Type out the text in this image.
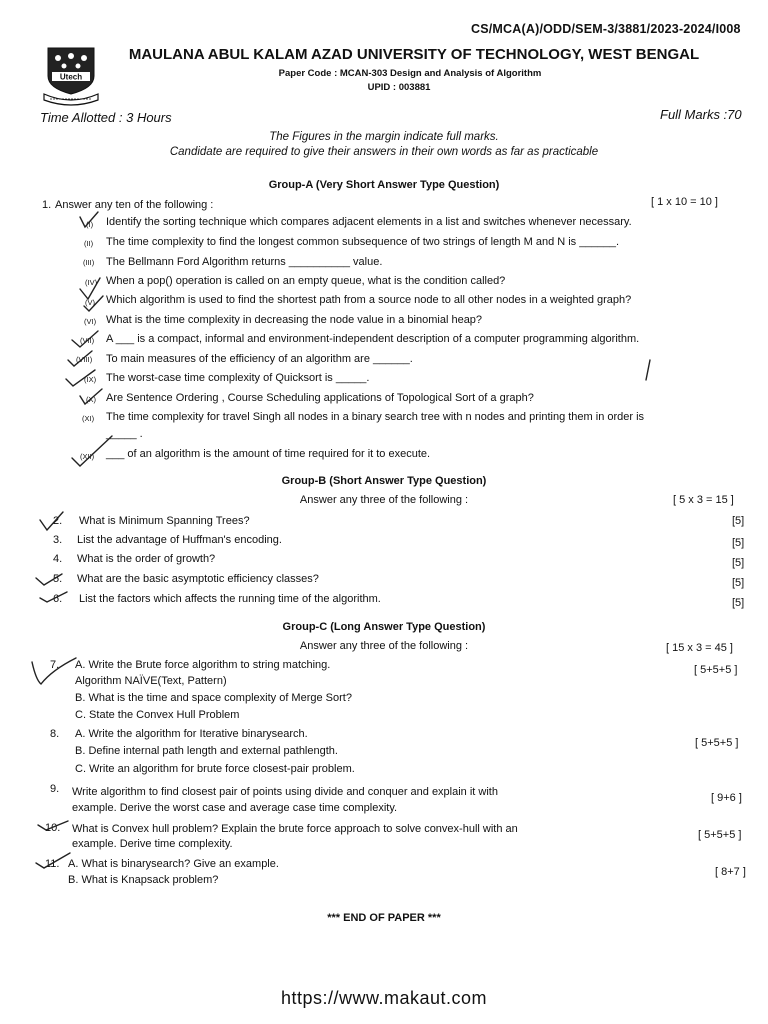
CS/MCA(A)/ODD/SEM-3/3881/2023-2024/I008
Utech
MAULANA ABUL KALAM AZAD UNIVERSITY OF TECHNOLOGY, WEST BENGAL
Paper Code : MCAN-303 Design and Analysis of Algorithm
UPID : 003881
Time Allotted : 3 Hours	Full Marks :70
The Figures in the margin indicate full marks.
Candidate are required to give their answers in their own words as far as practicable
Group-A (Very Short Answer Type Question)
1. Answer any ten of the following :	[ 1 x 10 = 10 ]
(I) Identify the sorting technique which compares adjacent elements in a list and switches whenever necessary.
(II) The time complexity to find the longest common subsequence of two strings of length M and N is ______.
(III) The Bellmann Ford Algorithm returns __________ value.
(IV) When a pop() operation is called on an empty queue, what is the condition called?
(V) Which algorithm is used to find the shortest path from a source node to all other nodes in a weighted graph?
(VI) What is the time complexity in decreasing the node value in a binomial heap?
(VII) A ___ is a compact, informal and environment-independent description of a computer programming algorithm.
(VIII) To main measures of the efficiency of an algorithm are ______.
(IX) The worst-case time complexity of Quicksort is _____.
(X) Are Sentence Ordering , Course Scheduling applications of Topological Sort of a graph?
(XI) The time complexity for travel Singh all nodes in a binary search tree with n nodes and printing them in order is
_____ .
(XII) ___ of an algorithm is the amount of time required for it to execute.
Group-B (Short Answer Type Question)
Answer any three of the following :	[ 5 x 3 = 15 ]
2. What is Minimum Spanning Trees?	[5]
3. List the advantage of Huffman's encoding.	[5]
4. What is the order of growth?	[5]
5. What are the basic asymptotic efficiency classes?	[5]
6. List the factors which affects the running time of the algorithm.	[5]
Group-C (Long Answer Type Question)
Answer any three of the following :	[ 15 x 3 = 45 ]
7. A. Write the Brute force algorithm to string matching.
Algorithm NAÏVE(Text, Pattern)
B. What is the time and space complexity of Merge Sort?
C. State the Convex Hull Problem
[ 5+5+5 ]
8. A. Write the algorithm for Iterative binarysearch.
B. Define internal path length and external pathlength.
C. Write an algorithm for brute force closest-pair problem.
[ 5+5+5 ]
9. Write algorithm to find closest pair of points using divide and conquer and explain it with
example. Derive the worst case and average case time complexity.
[ 9+6 ]
10. What is Convex hull problem? Explain the brute force approach to solve convex-hull with an
example. Derive time complexity.
[ 5+5+5 ]
11. A. What is binarysearch? Give an example.
B. What is Knapsack problem?
[ 8+7 ]
*** END OF PAPER ***
https://www.makaut.com
